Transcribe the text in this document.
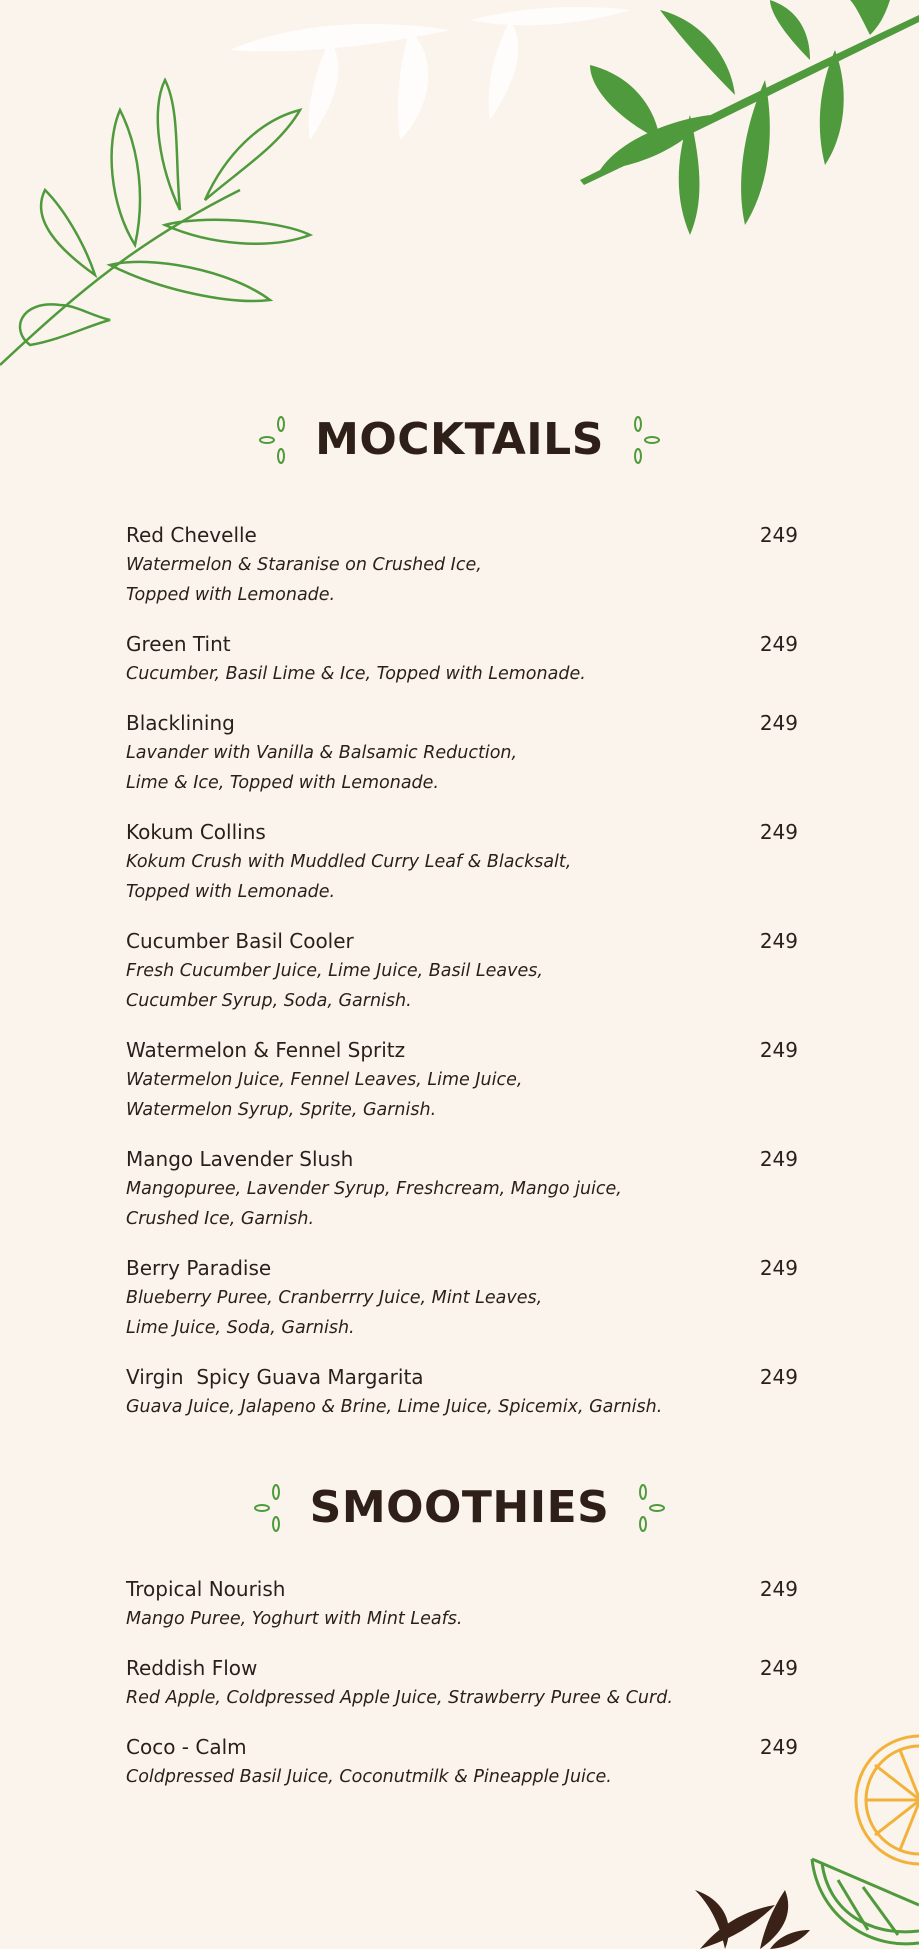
MOCKTAILS
Red Chevelle	249
Watermelon & Staranise on Crushed Ice,
Topped with Lemonade.
Green Tint	249
Cucumber, Basil Lime & Ice, Topped with Lemonade.
Blacklining	249
Lavander with Vanilla & Balsamic Reduction,
Lime & Ice, Topped with Lemonade.
Kokum Collins	249
Kokum Crush with Muddled Curry Leaf & Blacksalt,
Topped with Lemonade.
Cucumber Basil Cooler	249
Fresh Cucumber Juice, Lime Juice, Basil Leaves,
Cucumber Syrup, Soda, Garnish.
Watermelon & Fennel Spritz	249
Watermelon Juice, Fennel Leaves, Lime Juice,
Watermelon Syrup, Sprite, Garnish.
Mango Lavender Slush	249
Mangopuree, Lavender Syrup, Freshcream, Mango juice,
Crushed Ice, Garnish.
Berry Paradise	249
Blueberry Puree, Cranberrry Juice, Mint Leaves,
Lime Juice, Soda, Garnish.
Virgin  Spicy Guava Margarita	249
Guava Juice, Jalapeno & Brine, Lime Juice, Spicemix, Garnish.
SMOOTHIES
Tropical Nourish	249
Mango Puree, Yoghurt with Mint Leafs.
Reddish Flow	249
Red Apple, Coldpressed Apple Juice, Strawberry Puree & Curd.
Coco - Calm	249
Coldpressed Basil Juice, Coconutmilk & Pineapple Juice.
